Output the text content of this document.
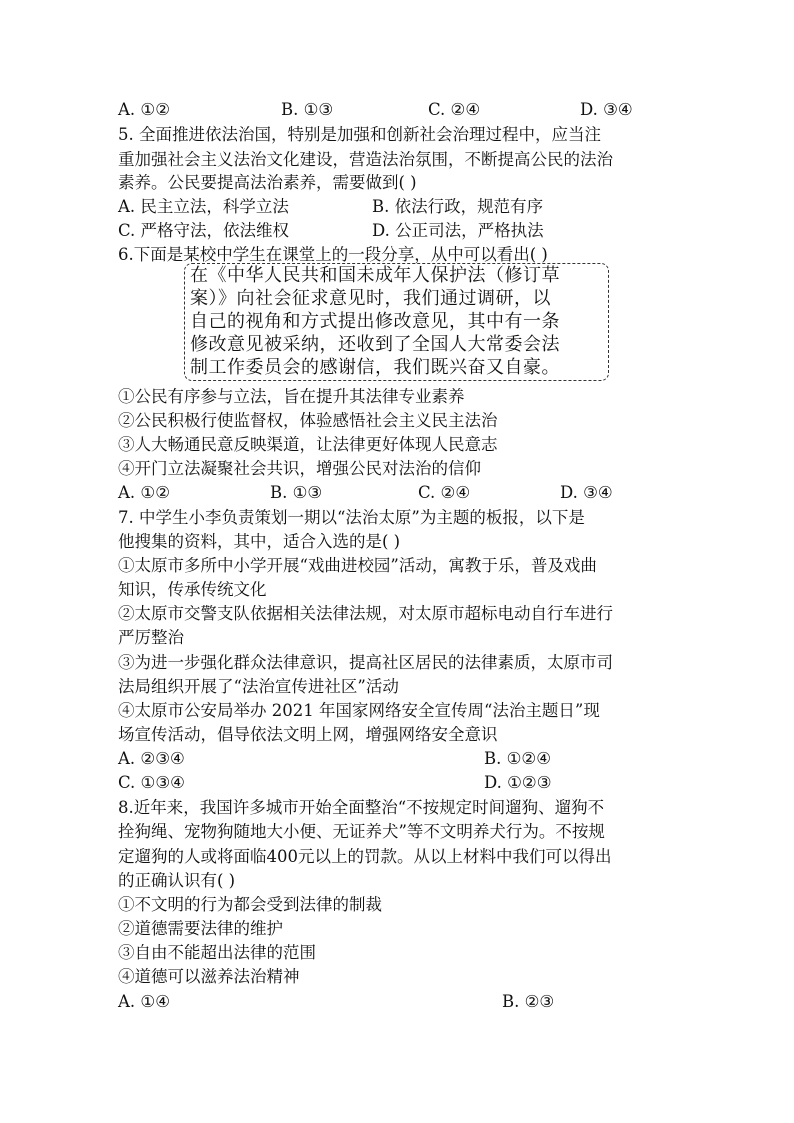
A. ①②	B. ①③	C. ②④	D. ③④
5. 全面推进依法治国，特别是加强和创新社会治理过程中，应当注
重加强社会主义法治文化建设，营造法治氛围，不断提高公民的法治
素养。公民要提高法治素养，需要做到( )
A. 民主立法，科学立法	B. 依法行政，规范有序
C. 严格守法，依法维权	D. 公正司法，严格执法
6.下面是某校中学生在课堂上的一段分享，从中可以看出( )
在《中华人民共和国未成年人保护法（修订草
案）》向社会征求意见时，我们通过调研，以
自己的视角和方式提出修改意见，其中有一条
修改意见被采纳，还收到了全国人大常委会法
制工作委员会的感谢信，我们既兴奋又自豪。
①公民有序参与立法，旨在提升其法律专业素养
②公民积极行使监督权，体验感悟社会主义民主法治
③人大畅通民意反映渠道，让法律更好体现人民意志
④开门立法凝聚社会共识，增强公民对法治的信仰
A. ①②	B. ①③	C. ②④	D. ③④
7. 中学生小李负责策划一期以“法治太原”为主题的板报，以下是
他搜集的资料，其中，适合入选的是( )
①太原市多所中小学开展“戏曲进校园”活动，寓教于乐，普及戏曲
知识，传承传统文化
②太原市交警支队依据相关法律法规，对太原市超标电动自行车进行
严厉整治
③为进一步强化群众法律意识，提高社区居民的法律素质，太原市司
法局组织开展了“法治宣传进社区”活动
④太原市公安局举办 2021 年国家网络安全宣传周“法治主题日”现
场宣传活动，倡导依法文明上网，增强网络安全意识
A. ②③④	B. ①②④
C. ①③④	D. ①②③
8.近年来，我国许多城市开始全面整治“不按规定时间遛狗、遛狗不
拴狗绳、宠物狗随地大小便、无证养犬”等不文明养犬行为。不按规
定遛狗的人或将面临400元以上的罚款。从以上材料中我们可以得出
的正确认识有( )
①不文明的行为都会受到法律的制裁
②道德需要法律的维护
③自由不能超出法律的范围
④道德可以滋养法治精神
A. ①④	B. ②③
